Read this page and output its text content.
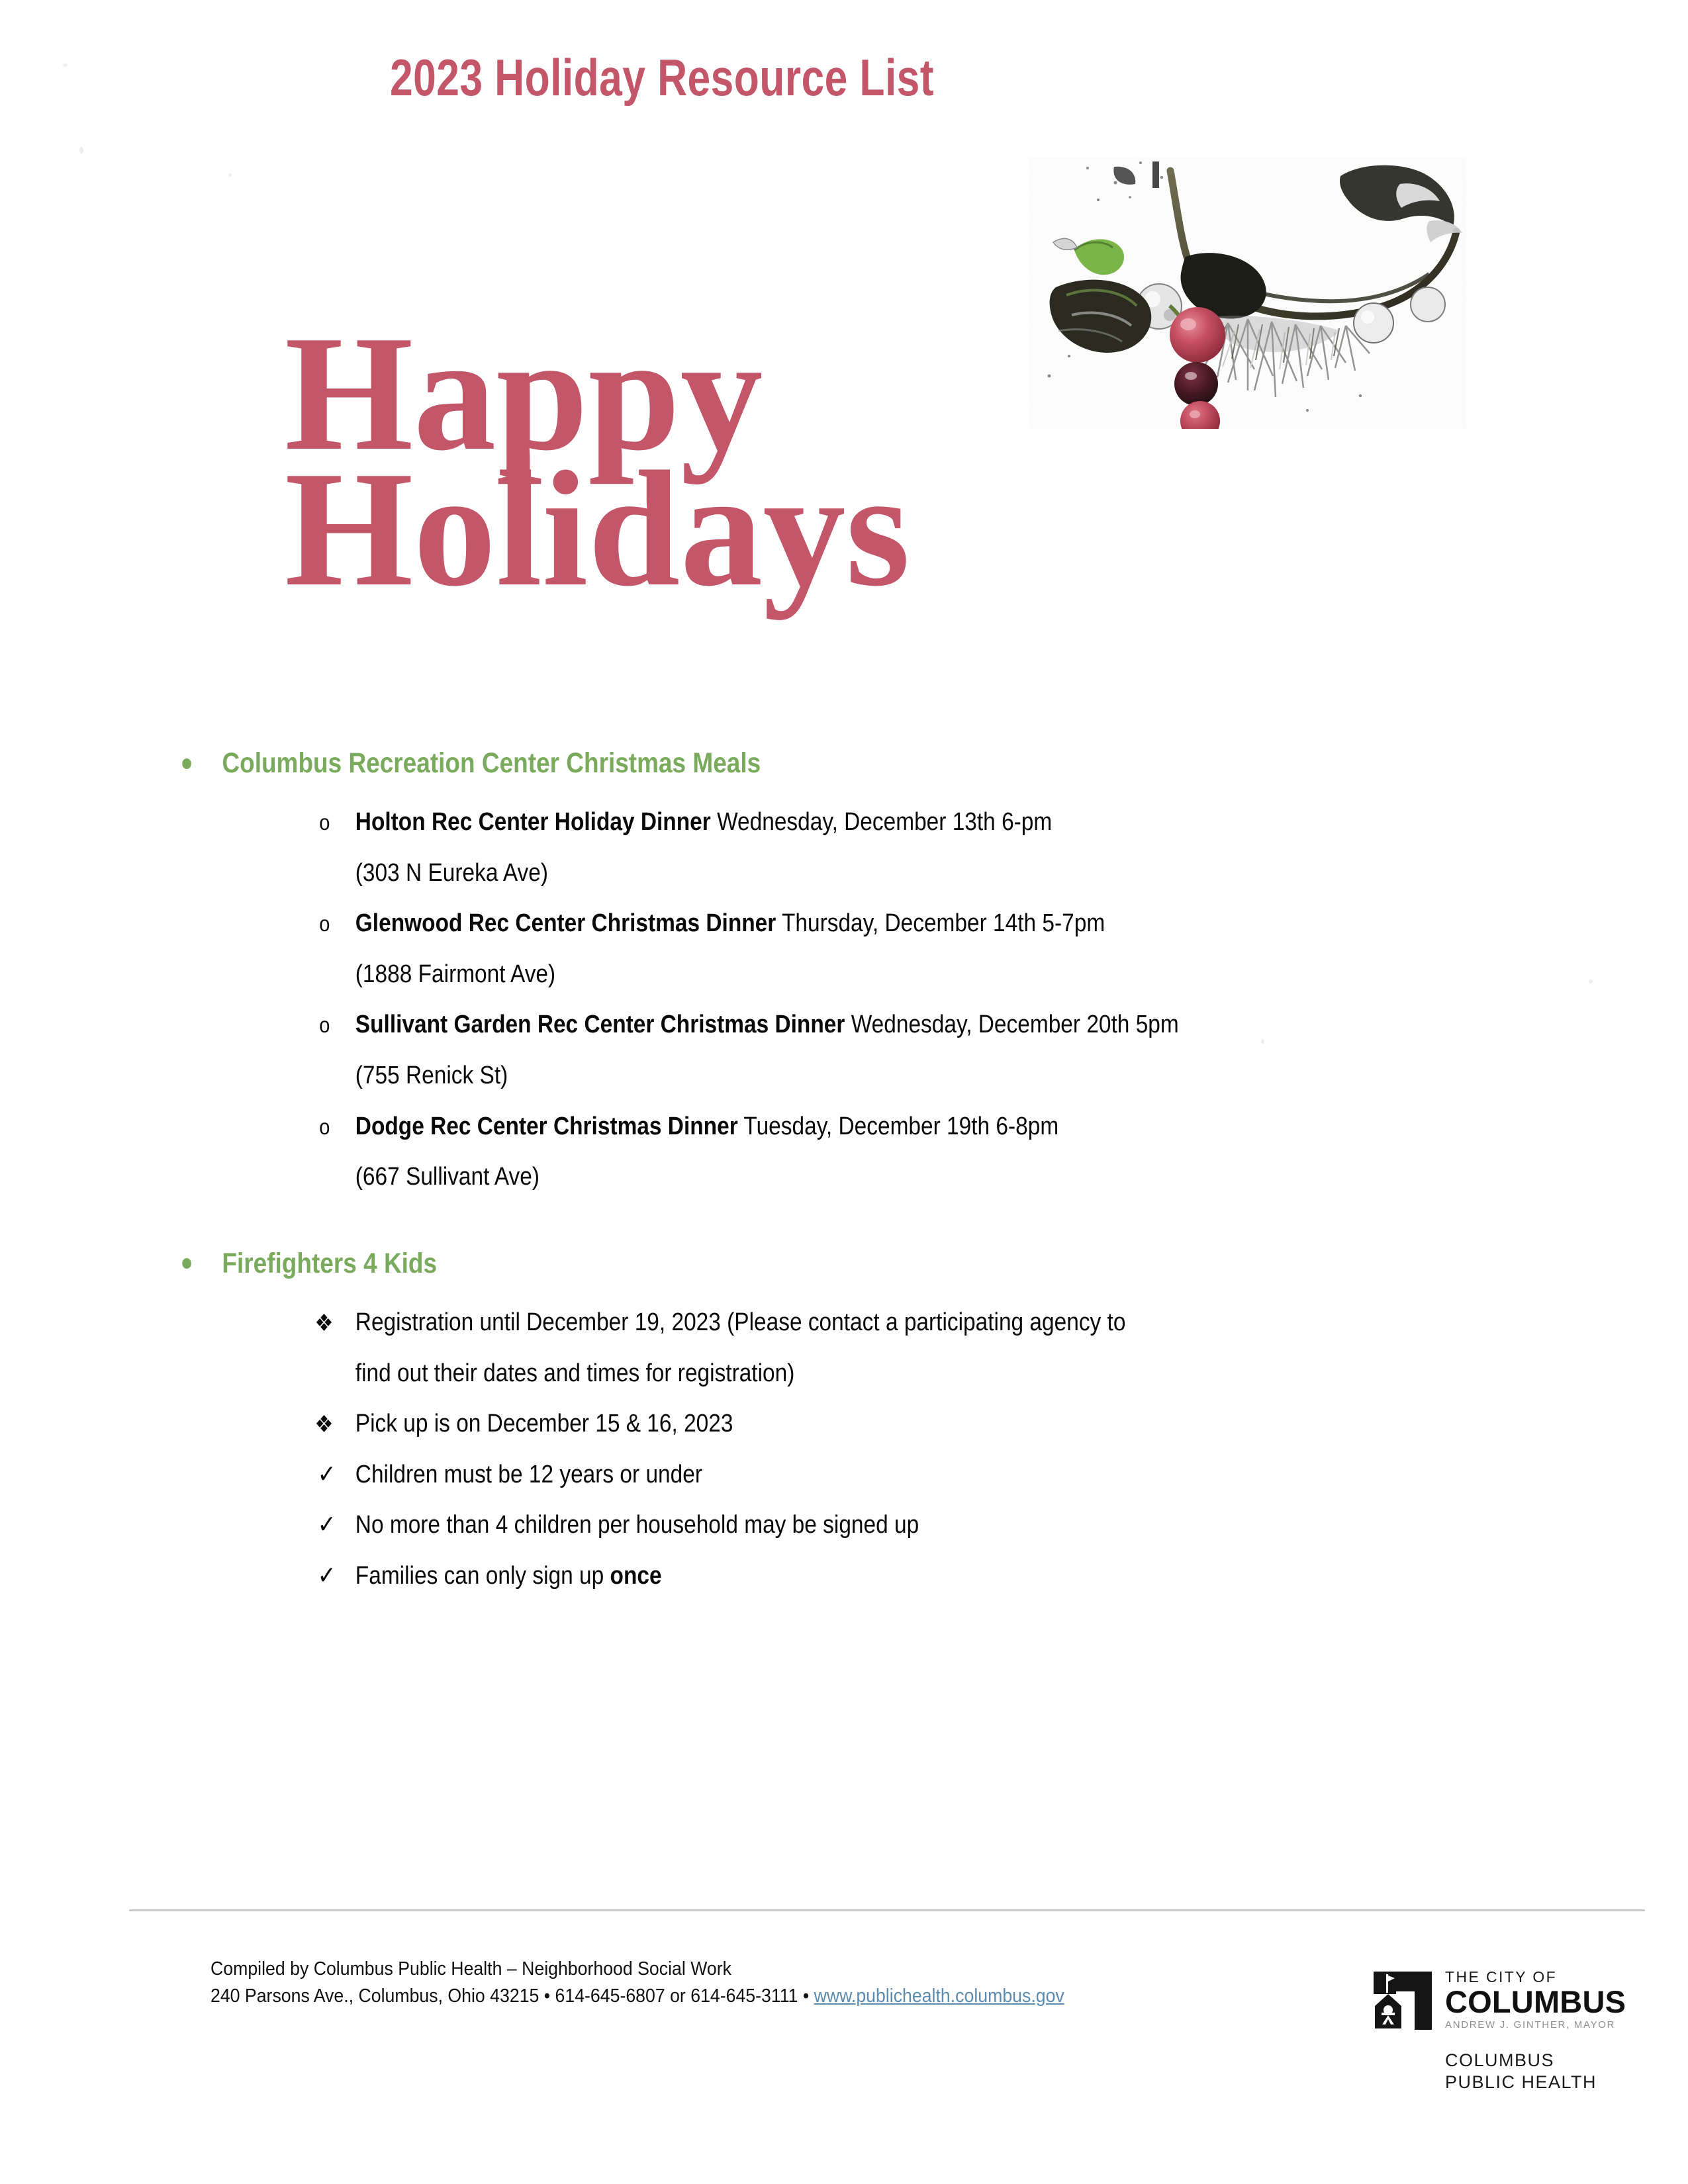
2023 Holiday Resource List
Happy
Holidays
Columbus Recreation Center Christmas Meals
o Holton Rec Center Holiday Dinner Wednesday, December 13th 6-pm
(303 N Eureka Ave)
o Glenwood Rec Center Christmas Dinner Thursday, December 14th 5-7pm
(1888 Fairmont Ave)
o Sullivant Garden Rec Center Christmas Dinner Wednesday, December 20th 5pm
(755 Renick St)
o Dodge Rec Center Christmas Dinner Tuesday, December 19th 6-8pm
(667 Sullivant Ave)
Firefighters 4 Kids
❖ Registration until December 19, 2023 (Please contact a participating agency to
find out their dates and times for registration)
❖ Pick up is on December 15 & 16, 2023
✓ Children must be 12 years or under
✓ No more than 4 children per household may be signed up
✓ Families can only sign up once
Compiled by Columbus Public Health – Neighborhood Social Work
240 Parsons Ave., Columbus, Ohio 43215 • 614-645-6807 or 614-645-3111 • www.publichealth.columbus.gov
THE CITY OF
COLUMBUS
ANDREW J. GINTHER, MAYOR
COLUMBUS
PUBLIC HEALTH
